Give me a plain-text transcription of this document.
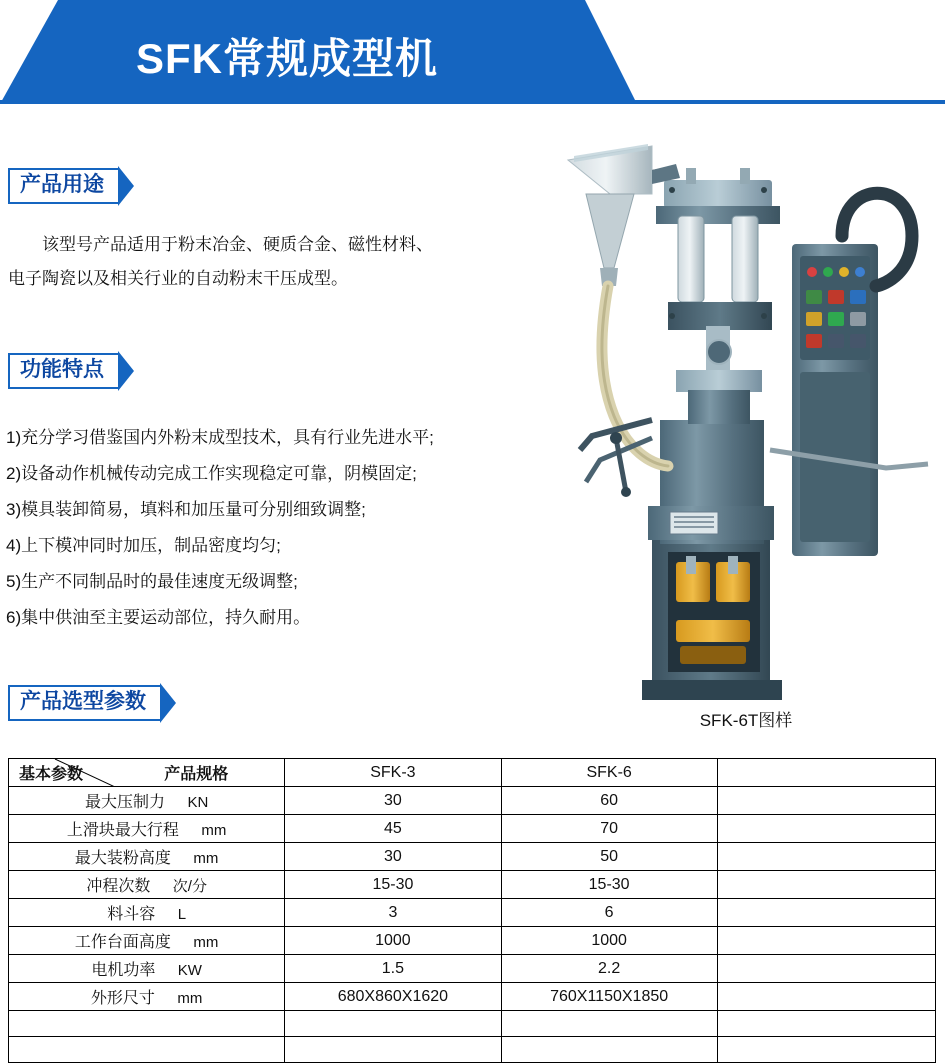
SFK常规成型机
产品用途

该型号产品适用于粉末冶金、硬质合金、磁性材料、

电子陶瓷以及相关行业的自动粉末干压成型。

功能特点
1)充分学习借鉴国内外粉末成型技术，具有行业先进水平;
2)设备动作机械传动完成工作实现稳定可靠，阴模固定;
3)模具装卸简易，填料和加压量可分别细致调整;
4)上下模冲同时加压，制品密度均匀;
5)生产不同制品时的最佳速度无级调整;
6)集中供油至主要运动部位，持久耐用。
SFK-6T图样
产品选型参数
产品规格
基本参数	SFK-3	SFK-6	
最大压制力 KN	30	60	
上滑块最大行程 mm	45	70	
最大装粉高度 mm	30	50	
冲程次数 次/分	15-30	15-30	
料斗容 L	3	6	
工作台面高度 mm	1000	1000	
电机功率 KW	1.5	2.2	
外形尺寸 mm	680X860X1620	760X1150X1850	
